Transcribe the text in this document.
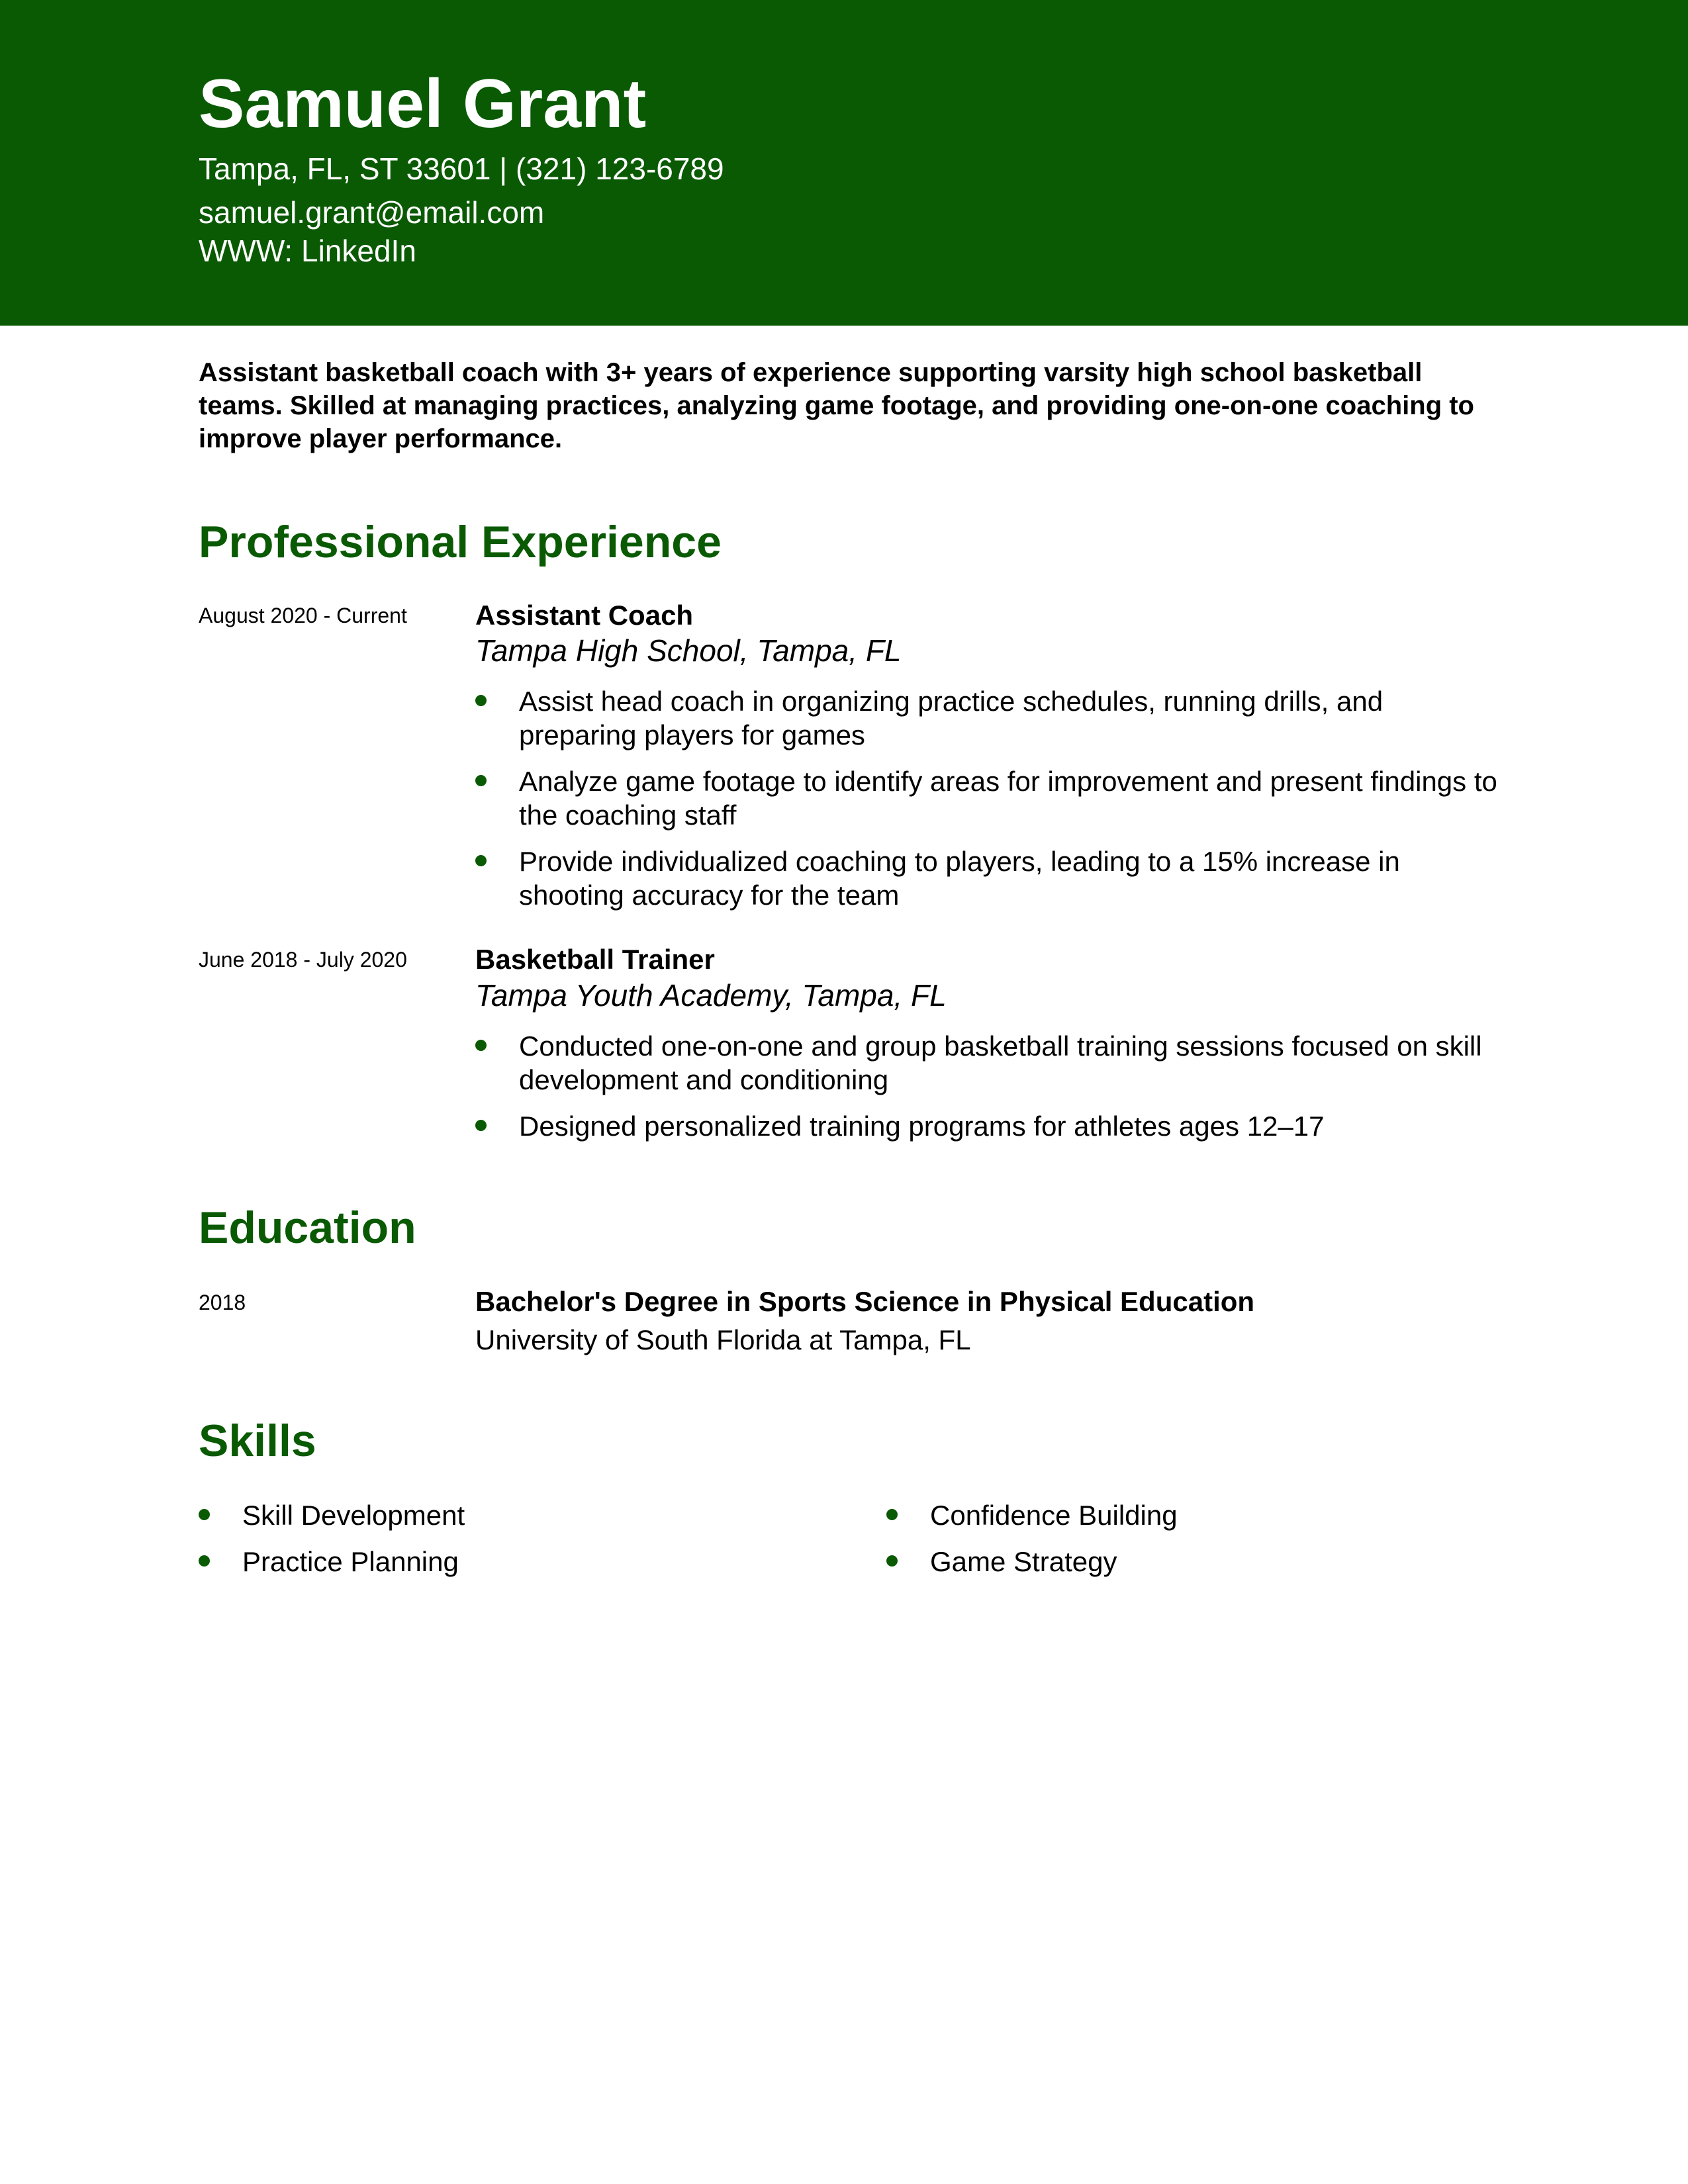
Samuel Grant
Tampa, FL, ST 33601 | (321) 123-6789
samuel.grant@email.com
WWW: LinkedIn
Assistant basketball coach with 3+ years of experience supporting varsity high school basketball teams. Skilled at managing practices, analyzing game footage, and providing one-on-one coaching to improve player performance.
Professional Experience
August 2020 - Current Assistant Coach
Tampa High School, Tampa, FL
Assist head coach in organizing practice schedules, running drills, and preparing players for games
Analyze game footage to identify areas for improvement and present findings to the coaching staff
Provide individualized coaching to players, leading to a 15% increase in shooting accuracy for the team
June 2018 - July 2020 Basketball Trainer
Tampa Youth Academy, Tampa, FL
Conducted one-on-one and group basketball training sessions focused on skill development and conditioning
Designed personalized training programs for athletes ages 12–17
Education
2018	Bachelor's Degree in Sports Science in Physical Education
University of South Florida at Tampa, FL
Skills
Skill Development
Practice Planning
Confidence Building
Game Strategy
